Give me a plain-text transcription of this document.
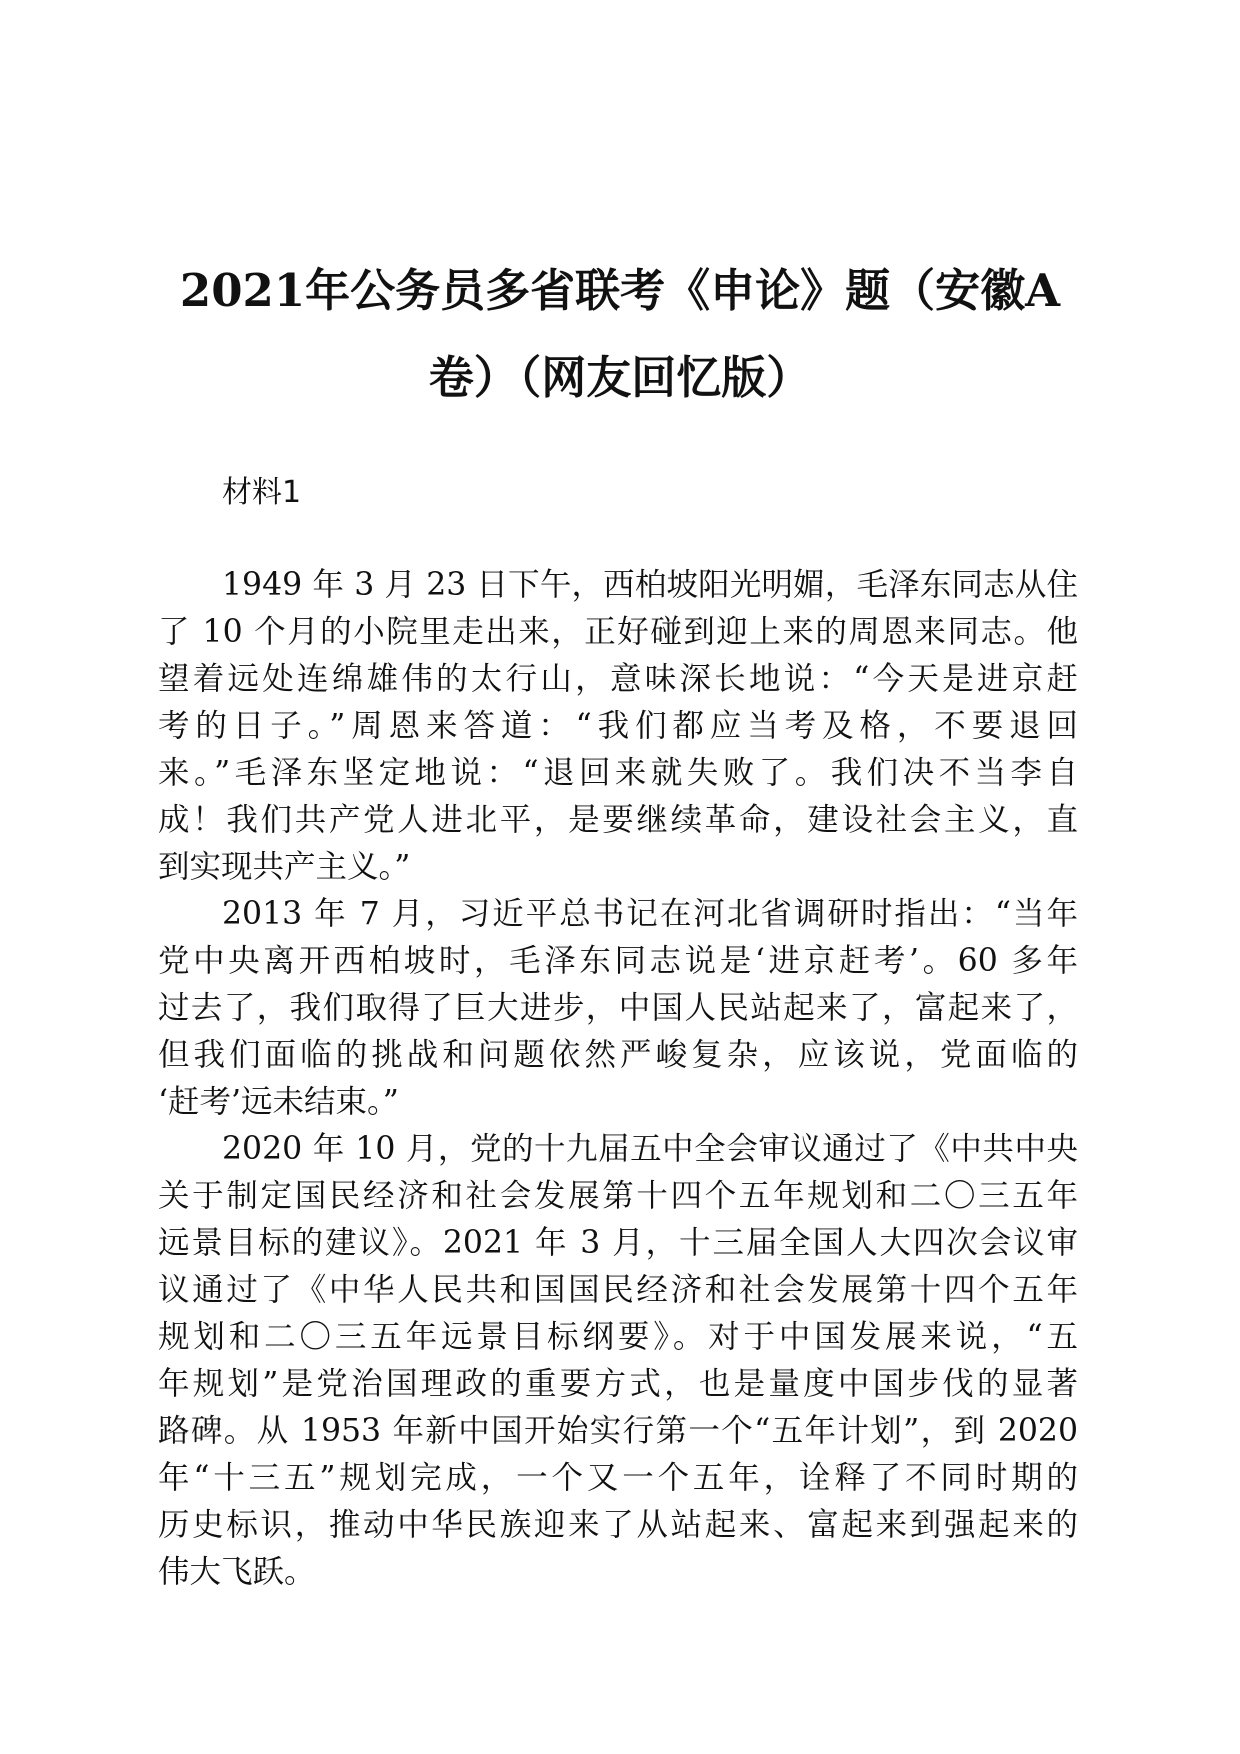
2021年公务员多省联考《申论》题（安徽A
卷）（网友回忆版）

材料1

1949 年 3 月 23 日下午，西柏坡阳光明媚，毛泽东同志从住
了 10 个月的小院里走出来，正好碰到迎上来的周恩来同志。他
望着远处连绵雄伟的太行山，意味深长地说：“今天是进京赶
考的日子。”周恩来答道：“我们都应当考及格，不要退回
来。”毛泽东坚定地说：“退回来就失败了。我们决不当李自
成！我们共产党人进北平，是要继续革命，建设社会主义，直
到实现共产主义。”
2013 年 7 月，习近平总书记在河北省调研时指出：“当年
党中央离开西柏坡时，毛泽东同志说是‘进京赶考’。60 多年
过去了，我们取得了巨大进步，中国人民站起来了，富起来了，
但我们面临的挑战和问题依然严峻复杂，应该说，党面临的
‘赶考’远未结束。”
2020 年 10 月，党的十九届五中全会审议通过了《中共中央
关于制定国民经济和社会发展第十四个五年规划和二〇三五年
远景目标的建议》。2021 年 3 月，十三届全国人大四次会议审
议通过了《中华人民共和国国民经济和社会发展第十四个五年
规划和二〇三五年远景目标纲要》。对于中国发展来说，“五
年规划”是党治国理政的重要方式，也是量度中国步伐的显著
路碑。从 1953 年新中国开始实行第一个“五年计划”，到 2020
年“十三五”规划完成，一个又一个五年，诠释了不同时期的
历史标识，推动中华民族迎来了从站起来、富起来到强起来的
伟大飞跃。
